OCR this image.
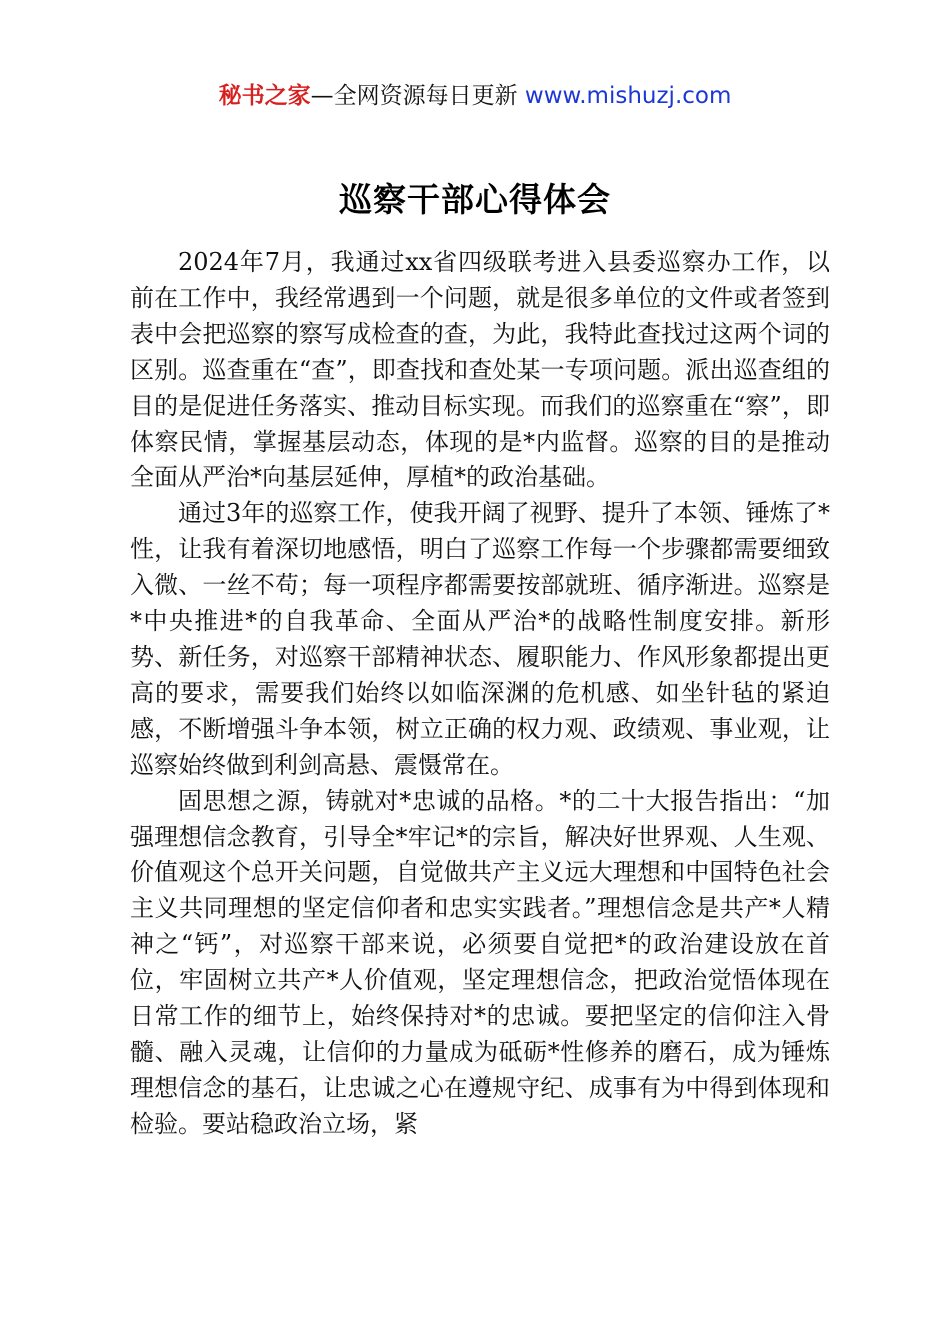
秘书之家—全网资源每日更新 www.mishuzj.com
巡察干部心得体会

2024年7月，我通过xx省四级联考进入县委巡察办工作，以前在工作中，我经常遇到一个问题，就是很多单位的文件或者签到表中会把巡察的察写成检查的查，为此，我特此查找过这两个词的区别。巡查重在“查”，即查找和查处某一专项问题。派出巡查组的目的是促进任务落实、推动目标实现。而我们的巡察重在“察”，即体察民情，掌握基层动态，体现的是*内监督。巡察的目的是推动全面从严治*向基层延伸，厚植*的政治基础。

通过3年的巡察工作，使我开阔了视野、提升了本领、锤炼了*性，让我有着深切地感悟，明白了巡察工作每一个步骤都需要细致入微、一丝不苟；每一项程序都需要按部就班、循序渐进。巡察是*中央推进*的自我革命、全面从严治*的战略性制度安排。新形势、新任务，对巡察干部精神状态、履职能力、作风形象都提出更高的要求，需要我们始终以如临深渊的危机感、如坐针毡的紧迫感，不断增强斗争本领，树立正确的权力观、政绩观、事业观，让巡察始终做到利剑高悬、震慑常在。

固思想之源，铸就对*忠诚的品格。*的二十大报告指出：“加强理想信念教育，引导全*牢记*的宗旨，解决好世界观、人生观、价值观这个总开关问题，自觉做共产主义远大理想和中国特色社会主义共同理想的坚定信仰者和忠实实践者。”理想信念是共产*人精神之“钙”，对巡察干部来说，必须要自觉把*的政治建设放在首位，牢固树立共产*人价值观，坚定理想信念，把政治觉悟体现在日常工作的细节上，始终保持对*的忠诚。要把坚定的信仰注入骨髓、融入灵魂，让信仰的力量成为砥砺*性修养的磨石，成为锤炼理想信念的基石，让忠诚之心在遵规守纪、成事有为中得到体现和检验。要站稳政治立场，紧
